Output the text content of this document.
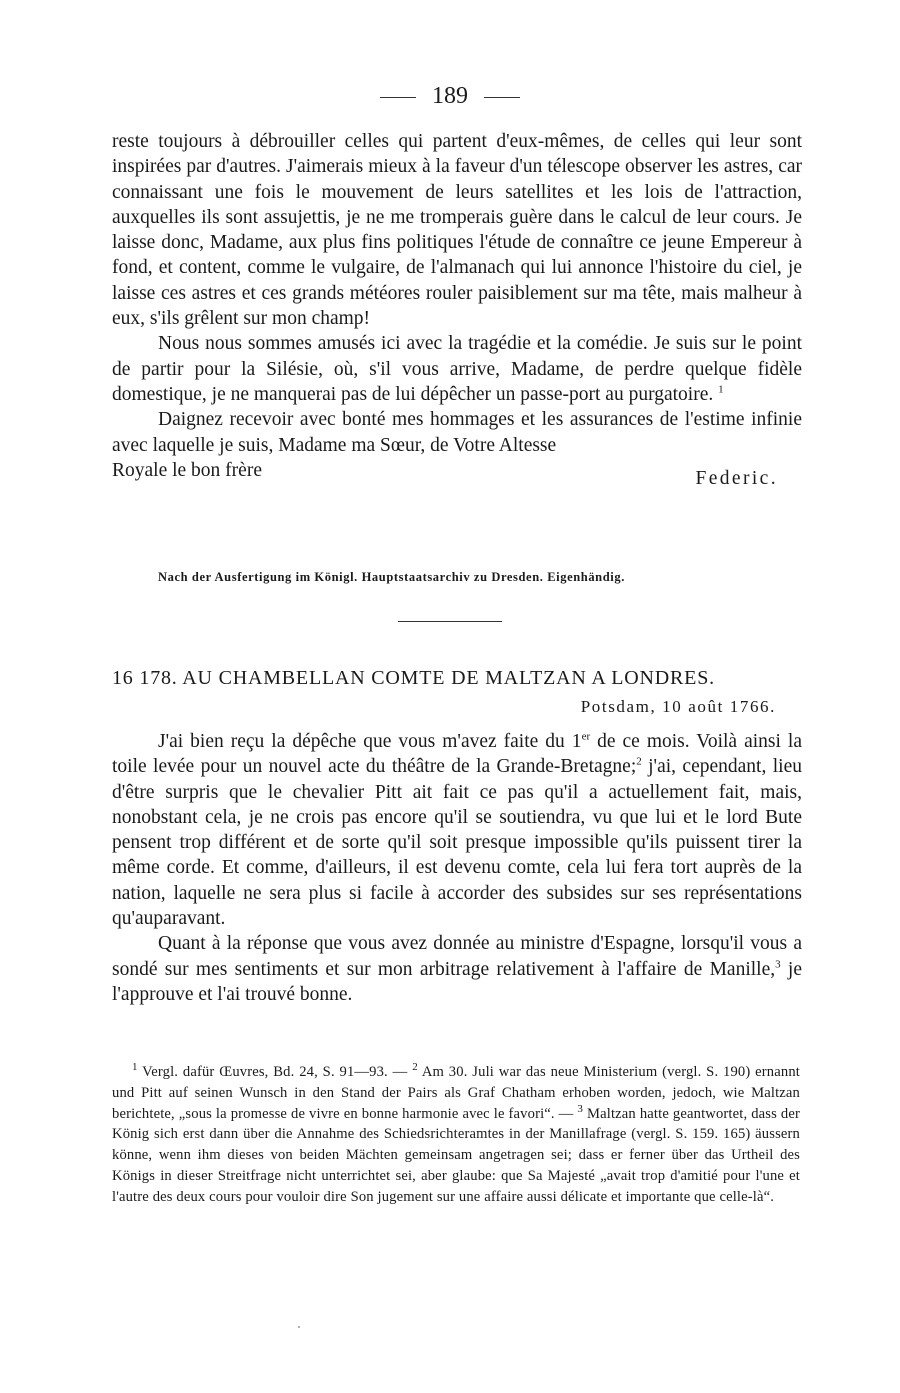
189

reste toujours à débrouiller celles qui partent d'eux-mêmes, de celles qui leur sont inspirées par d'autres. J'aimerais mieux à la faveur d'un télescope observer les astres, car connaissant une fois le mouvement de leurs satellites et les lois de l'attraction, auxquelles ils sont assujettis, je ne me tromperais guère dans le calcul de leur cours. Je laisse donc, Madame, aux plus fins politiques l'étude de connaître ce jeune Empereur à fond, et content, comme le vulgaire, de l'almanach qui lui annonce l'histoire du ciel, je laisse ces astres et ces grands météores rouler paisiblement sur ma tête, mais malheur à eux, s'ils grêlent sur mon champ!

Nous nous sommes amusés ici avec la tragédie et la comédie. Je suis sur le point de partir pour la Silésie, où, s'il vous arrive, Madame, de perdre quelque fidèle domestique, je ne manquerai pas de lui dépêcher un passe-port au purgatoire. $^1$

Daignez recevoir avec bonté mes hommages et les assurances de l'estime infinie avec laquelle je suis, Madame ma Sœur, de Votre Altesse

Royale le bon frère	Federic.
Nach der Ausfertigung im Königl. Hauptstaatsarchiv zu Dresden. Eigenhändig.
16 178. AU CHAMBELLAN COMTE DE MALTZAN A LONDRES.
Potsdam, 10 août 1766.

J'ai bien reçu la dépêche que vous m'avez faite du 1er de ce mois. Voilà ainsi la toile levée pour un nouvel acte du théâtre de la Grande-Bretagne;$^2$ j'ai, cependant, lieu d'être surpris que le chevalier Pitt ait fait ce pas qu'il a actuellement fait, mais, nonobstant cela, je ne crois pas encore qu'il se soutiendra, vu que lui et le lord Bute pensent trop différent et de sorte qu'il soit presque impossible qu'ils puissent tirer la même corde. Et comme, d'ailleurs, il est devenu comte, cela lui fera tort auprès de la nation, laquelle ne sera plus si facile à accorder des subsides sur ses représentations qu'auparavant.

Quant à la réponse que vous avez donnée au ministre d'Espagne, lorsqu'il vous a sondé sur mes sentiments et sur mon arbitrage relativement à l'affaire de Manille,$^3$ je l'approuve et l'ai trouvé bonne.

$^1$ Vergl. dafür Œuvres, Bd. 24, S. 91—93. — $^2$ Am 30. Juli war das neue Ministerium (vergl. S. 190) ernannt und Pitt auf seinen Wunsch in den Stand der Pairs als Graf Chatham erhoben worden, jedoch, wie Maltzan berichtete, „sous la promesse de vivre en bonne harmonie avec le favori“. — $^3$ Maltzan hatte geantwortet, dass der König sich erst dann über die Annahme des Schiedsrichteramtes in der Manillafrage (vergl. S. 159. 165) äussern könne, wenn ihm dieses von beiden Mächten gemeinsam angetragen sei; dass er ferner über das Urtheil des Königs in dieser Streitfrage nicht unterrichtet sei, aber glaube: que Sa Majesté „avait trop d'amitié pour l'une et l'autre des deux cours pour vouloir dire Son jugement sur une affaire aussi délicate et importante que celle-là“.
